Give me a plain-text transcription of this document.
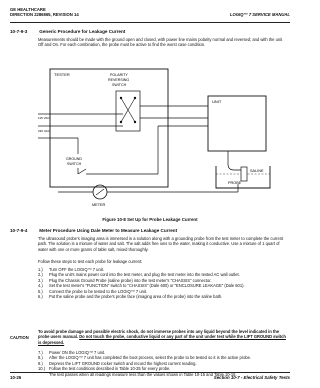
GE HEALTHCARE
DIRECTION 2286865, REVISION 14	LOGIQ™ 7 SERVICE MANUAL
10-7-9-3	Generic Procedure for Leakage Current
Measurements should be made with the ground open and closed, with power line mains polarity normal and reversed; and with the unit Off and On. For each combination, the probe must be active to find the worst case condition.
TESTER
115 VAC
230 VAC
POLARITY
REVERSING
SWITCH
GROUND
SWITCH
METER
UNIT
SALINE
PROBE
Figure 10-8 Set Up for Probe Leakage Current
10-7-9-4	Meter Procedure Using Dale Meter to Measure Leakage Current
The ultrasound probe's imaging area is immersed in a solution along with a grounding probe from the test meter to complete the current path. The solution is a mixture of water and salt. The salt adds free ions to the water, making it conductive. Use a mixture of 1 quart of water with one or more grams of table salt, mixed thoroughly.
Follow these steps to test each probe for leakage current:
1.)	Turn OFF the LOGIQ™ 7 unit.
2.)	Plug the unit's mains power cord into the test meter, and plug the test meter into the tested AC wall outlet.
3.)	Plug the Chassis Ground Probe (saline probe) into the test meter's "CHASSIS" connector.
4.)	Set the test meter's "FUNCTION" switch to "CHASSIS" (Dale 600) or "ENCLOSURE LEAKAGE" (Dale 601).
5.)	Connect the probe to be tested to the LOGIQ™ 7 unit.
6.)	Put the saline probe and the probe's probe face (imaging area of the probe) into the saline bath.
CAUTION
To avoid probe damage and possible electric shock, do not immerse probes into any liquid beyond the level indicated in the probe users manual. Do not touch the probe, conductive liquid or any part of the unit under test while the LIFT GROUND switch is depressed.
7.)	Power ON the LOGIQ™ 7 unit.
8.)	After the LOGIQ™ 7 unit has completed the boot process, select the probe to be tested so it is the active probe.
9.)	Depress the LIFT GROUND rocker switch and record the highest current reading.
10.) Follow the test conditions described in Table 10-25 for every probe.
The test passes when all readings measure less than the values shown in Table 10-15 and Table 10-16.
10-26	Section 10-7 - Electrical Safety Tests
